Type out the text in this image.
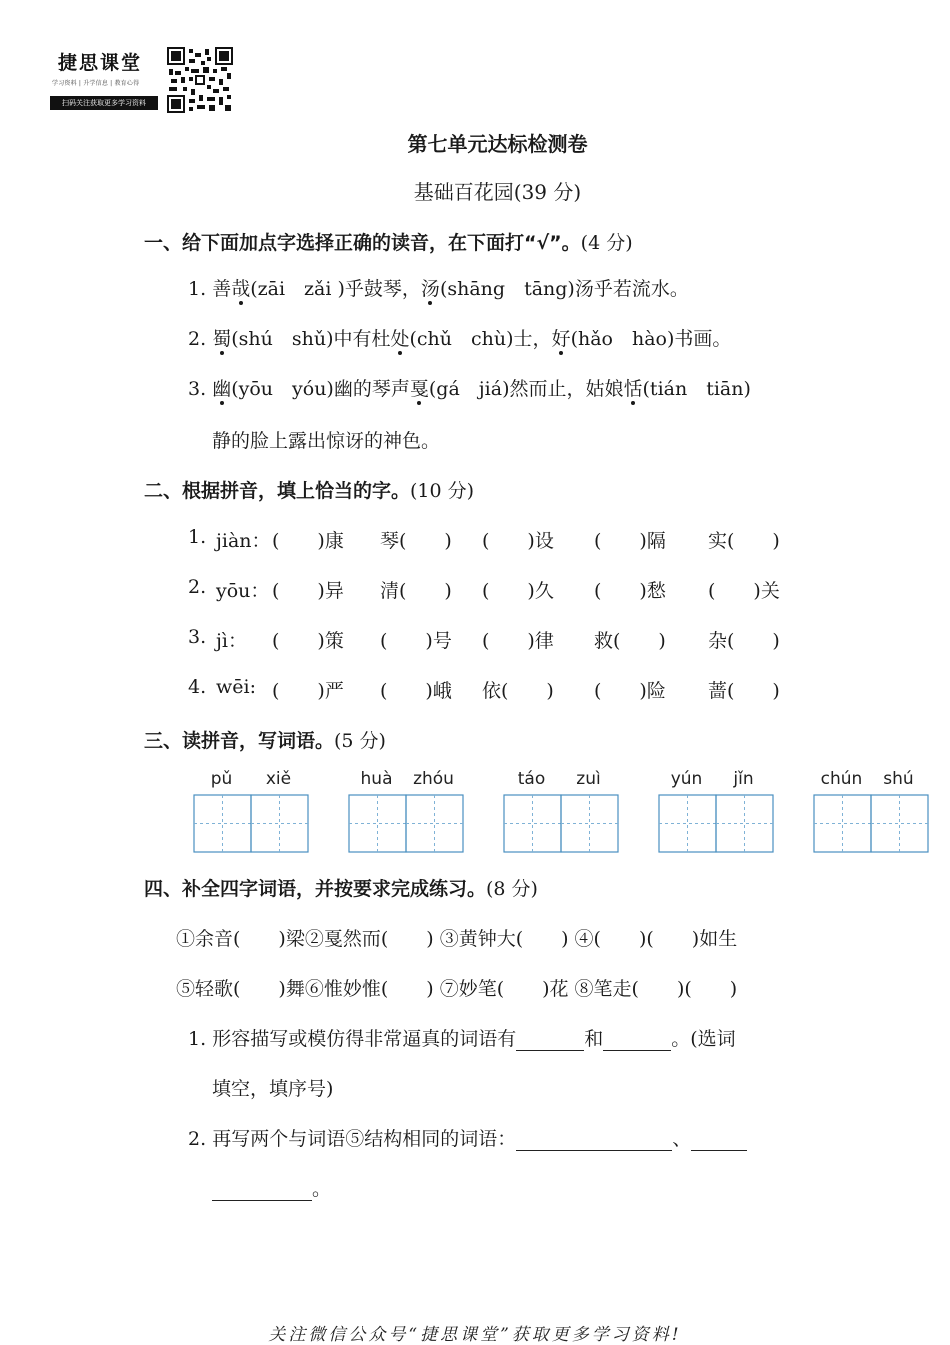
捷思课堂
学习资料 | 升学信息 | 教育心得
扫码关注获取更多学习资料
第七单元达标检测卷
基础百花园(39 分)
一、给下面加点字选择正确的读音，在下面打“√”。(4 分)
1. 善哉(zāi　zǎi )乎鼓琴，汤(shāng　tāng)汤乎若流水。
2. 蜀(shú　shǔ)中有杜处(chǔ　chù)士，好(hǎo　hào)书画。
3. 幽(yōu　yóu)幽的琴声戛(gá　jiá)然而止，姑娘恬(tián　tiān)
静的脸上露出惊讶的神色。
二、根据拼音，填上恰当的字。(10 分)
1. jiàn： (　　)康 琴(　　) (　　)设 (　　)隔 实(　　)
2. yōu： (　　)异 清(　　) (　　)久 (　　)愁 (　　)关
3. jì： (　　)策 (　　)号 (　　)律 救(　　) 杂(　　)
4. wēi: (　　)严 (　　)峨 依(　　) (　　)险 蔷(　　)
三、读拼音，写词语。(5 分)
pǔ	xiě	huà	zhóu	táo	zuì	yún	jǐn	chún	shú
四、补全四字词语，并按要求完成练习。(8 分)
①余音(　　)梁②戛然而(　　) ③黄钟大(　　) ④(　　)(　　)如生
⑤轻歌(　　)舞⑥惟妙惟(　　) ⑦妙笔(　　)花 ⑧笔走(　　)(　　)
1. 形容描写或模仿得非常逼真的词语有	和	。(选词
填空，填序号)
2. 再写两个与词语⑤结构相同的词语：	、
。
关注微信公众号“捷思课堂”获取更多学习资料!
